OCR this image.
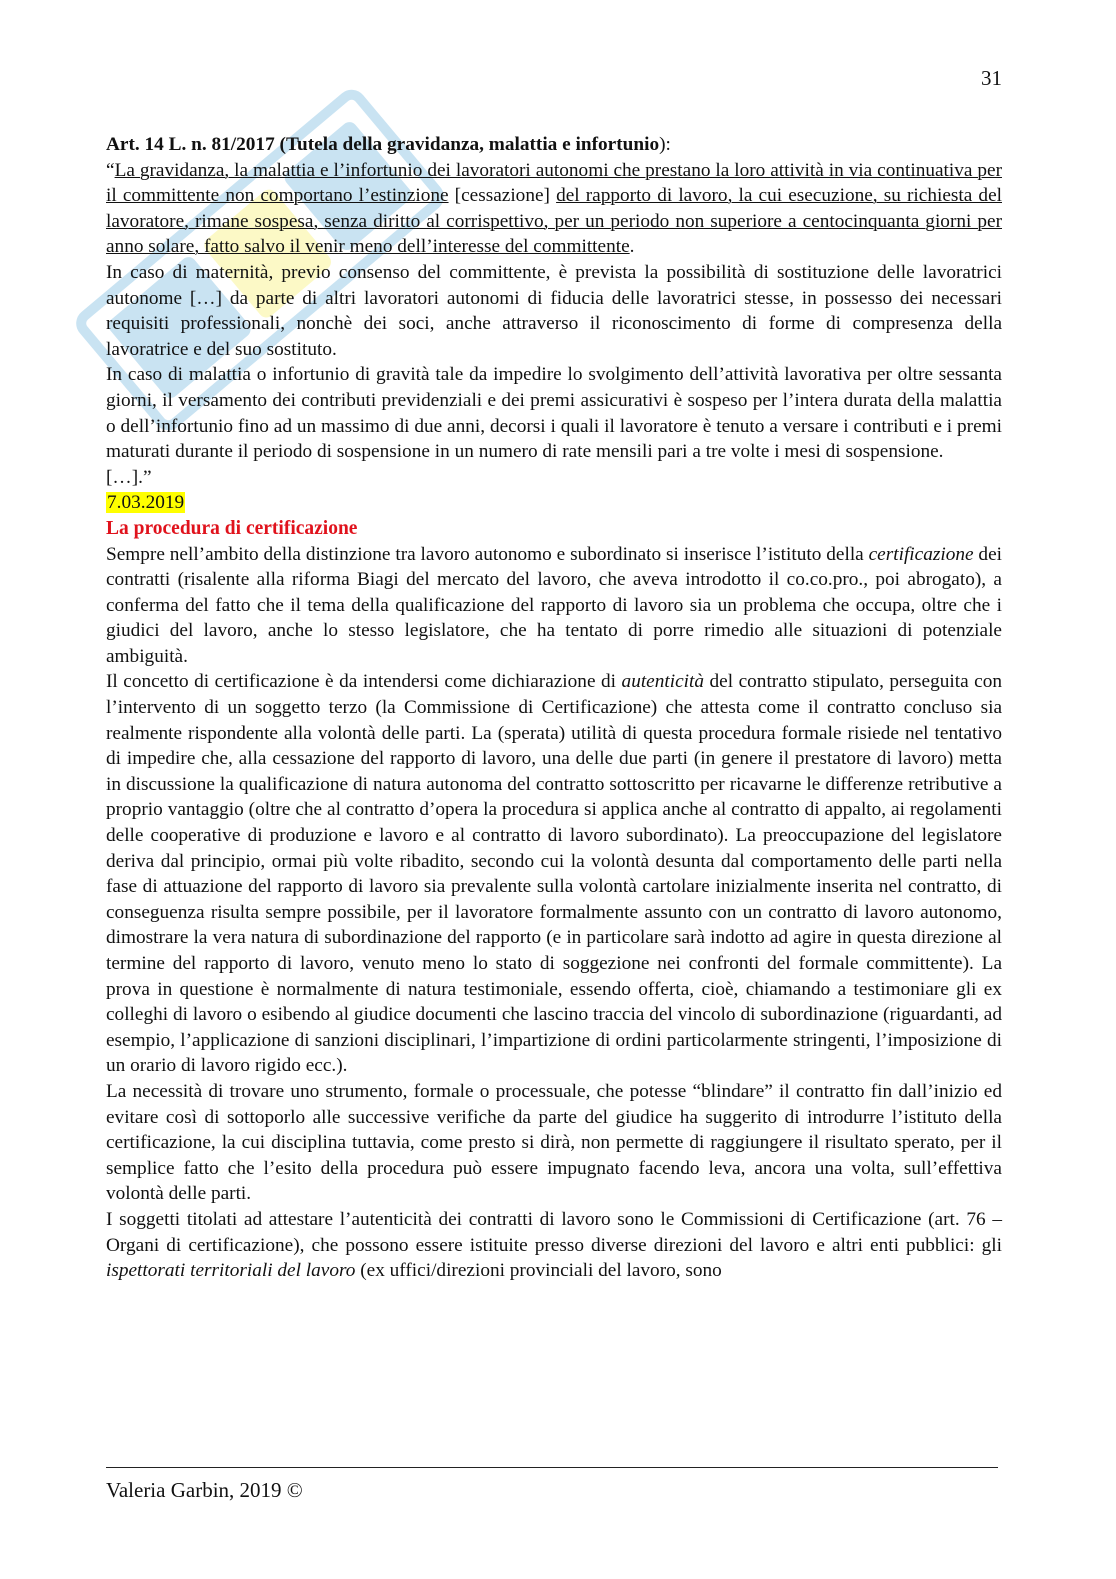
31

Art. 14 L. n. 81/2017 (Tutela della gravidanza, malattia e infortunio):

“La gravidanza, la malattia e l’infortunio dei lavoratori autonomi che prestano la loro attività in via continuativa per il committente non comportano l’estinzione [cessazione] del rapporto di lavoro, la cui esecuzione, su richiesta del lavoratore, rimane sospesa, senza diritto al corrispettivo, per un periodo non superiore a centocinquanta giorni per anno solare, fatto salvo il venir meno dell’interesse del committente.

In caso di maternità, previo consenso del committente, è prevista la possibilità di sostituzione delle lavoratrici autonome […] da parte di altri lavoratori autonomi di fiducia delle lavoratrici stesse, in possesso dei necessari requisiti professionali, nonchè dei soci, anche attraverso il riconoscimento di forme di compresenza della lavoratrice e del suo sostituto.

In caso di malattia o infortunio di gravità tale da impedire lo svolgimento dell’attività lavorativa per oltre sessanta giorni, il versamento dei contributi previdenziali e dei premi assicurativi è sospeso per l’intera durata della malattia o dell’infortunio fino ad un massimo di due anni, decorsi i quali il lavoratore è tenuto a versare i contributi e i premi maturati durante il periodo di sospensione in un numero di rate mensili pari a tre volte i mesi di sospensione.

[…].”

7.03.2019

La procedura di certificazione

Sempre nell’ambito della distinzione tra lavoro autonomo e subordinato si inserisce l’istituto della certificazione dei contratti (risalente alla riforma Biagi del mercato del lavoro, che aveva introdotto il co.co.pro., poi abrogato), a conferma del fatto che il tema della qualificazione del rapporto di lavoro sia un problema che occupa, oltre che i giudici del lavoro, anche lo stesso legislatore, che ha tentato di porre rimedio alle situazioni di potenziale ambiguità.

Il concetto di certificazione è da intendersi come dichiarazione di autenticità del contratto stipulato, perseguita con l’intervento di un soggetto terzo (la Commissione di Certificazione) che attesta come il contratto concluso sia realmente rispondente alla volontà delle parti. La (sperata) utilità di questa procedura formale risiede nel tentativo di impedire che, alla cessazione del rapporto di lavoro, una delle due parti (in genere il prestatore di lavoro) metta in discussione la qualificazione di natura autonoma del contratto sottoscritto per ricavarne le differenze retributive a proprio vantaggio (oltre che al contratto d’opera la procedura si applica anche al contratto di appalto, ai regolamenti delle cooperative di produzione e lavoro e al contratto di lavoro subordinato). La preoccupazione del legislatore deriva dal principio, ormai più volte ribadito, secondo cui la volontà desunta dal comportamento delle parti nella fase di attuazione del rapporto di lavoro sia prevalente sulla volontà cartolare inizialmente inserita nel contratto, di conseguenza risulta sempre possibile, per il lavoratore formalmente assunto con un contratto di lavoro autonomo, dimostrare la vera natura di subordinazione del rapporto (e in particolare sarà indotto ad agire in questa direzione al termine del rapporto di lavoro, venuto meno lo stato di soggezione nei confronti del formale committente). La prova in questione è normalmente di natura testimoniale, essendo offerta, cioè, chiamando a testimoniare gli ex colleghi di lavoro o esibendo al giudice documenti che lascino traccia del vincolo di subordinazione (riguardanti, ad esempio, l’applicazione di sanzioni disciplinari, l’impartizione di ordini particolarmente stringenti, l’imposizione di un orario di lavoro rigido ecc.).

La necessità di trovare uno strumento, formale o processuale, che potesse “blindare” il contratto fin dall’inizio ed evitare così di sottoporlo alle successive verifiche da parte del giudice ha suggerito di introdurre l’istituto della certificazione, la cui disciplina tuttavia, come presto si dirà, non permette di raggiungere il risultato sperato, per il semplice fatto che l’esito della procedura può essere impugnato facendo leva, ancora una volta, sull’effettiva volontà delle parti.

I soggetti titolati ad attestare l’autenticità dei contratti di lavoro sono le Commissioni di Certificazione (art. 76 – Organi di certificazione), che possono essere istituite presso diverse direzioni del lavoro e altri enti pubblici: gli ispettorati territoriali del lavoro (ex uffici/direzioni provinciali del lavoro, sono

Valeria Garbin, 2019 ©
